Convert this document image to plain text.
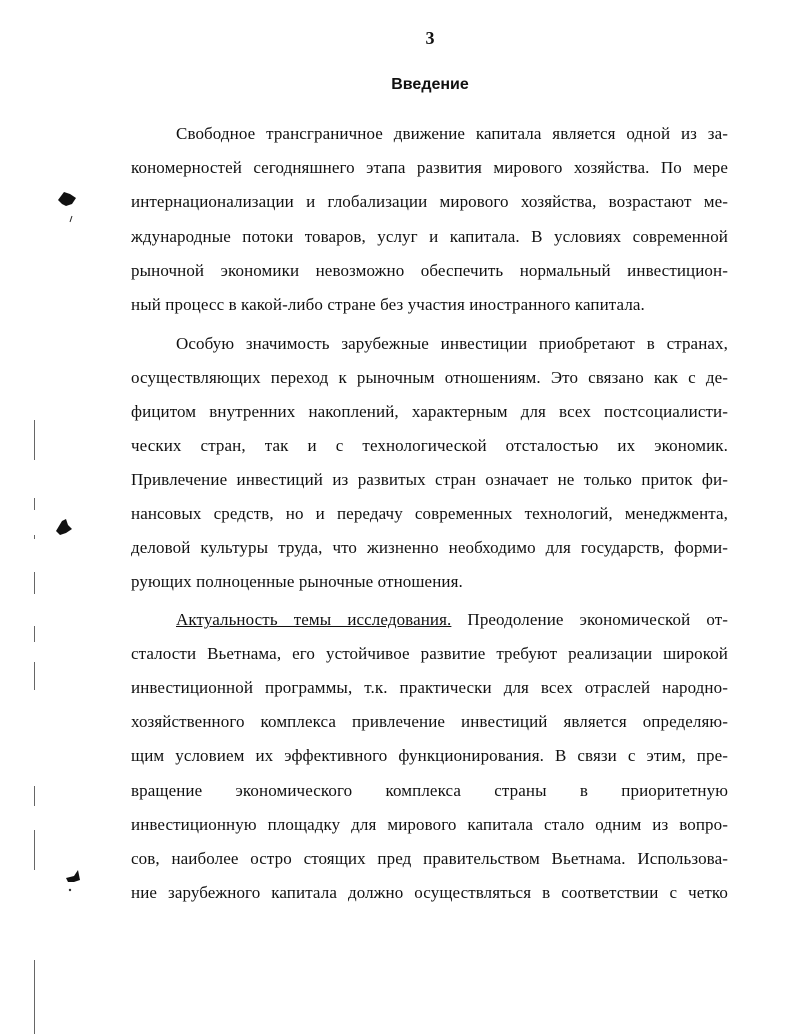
3
Введение
Свободное трансграничное движение капитала является одной из за-
кономерностей сегодняшнего этапа развития мирового хозяйства. По мере
интернационализации и глобализации мирового хозяйства, возрастают ме-
ждународные потоки товаров, услуг и капитала. В условиях современной
рыночной экономики невозможно обеспечить нормальный инвестицион-
ный процесс в какой-либо стране без участия иностранного капитала.
Особую значимость зарубежные инвестиции приобретают в странах,
осуществляющих переход к рыночным отношениям. Это связано как с де-
фицитом внутренних накоплений, характерным для всех постсоциалисти-
ческих стран, так и с технологической отсталостью их экономик.
Привлечение инвестиций из развитых стран означает не только приток фи-
нансовых средств, но и передачу современных технологий, менеджмента,
деловой культуры труда, что жизненно необходимо для государств, форми-
рующих полноценные рыночные отношения.
Актуальность темы исследования. Преодоление экономической от-
сталости Вьетнама, его устойчивое развитие требуют реализации широкой
инвестиционной программы, т.к. практически для всех отраслей народно-
хозяйственного комплекса привлечение инвестиций является определяю-
щим условием их эффективного функционирования. В связи с этим, пре-
вращение экономического комплекса страны в приоритетную
инвестиционную площадку для мирового капитала стало одним из вопро-
сов, наиболее остро стоящих пред правительством Вьетнама. Использова-
ние зарубежного капитала должно осуществляться в соответствии с четко
